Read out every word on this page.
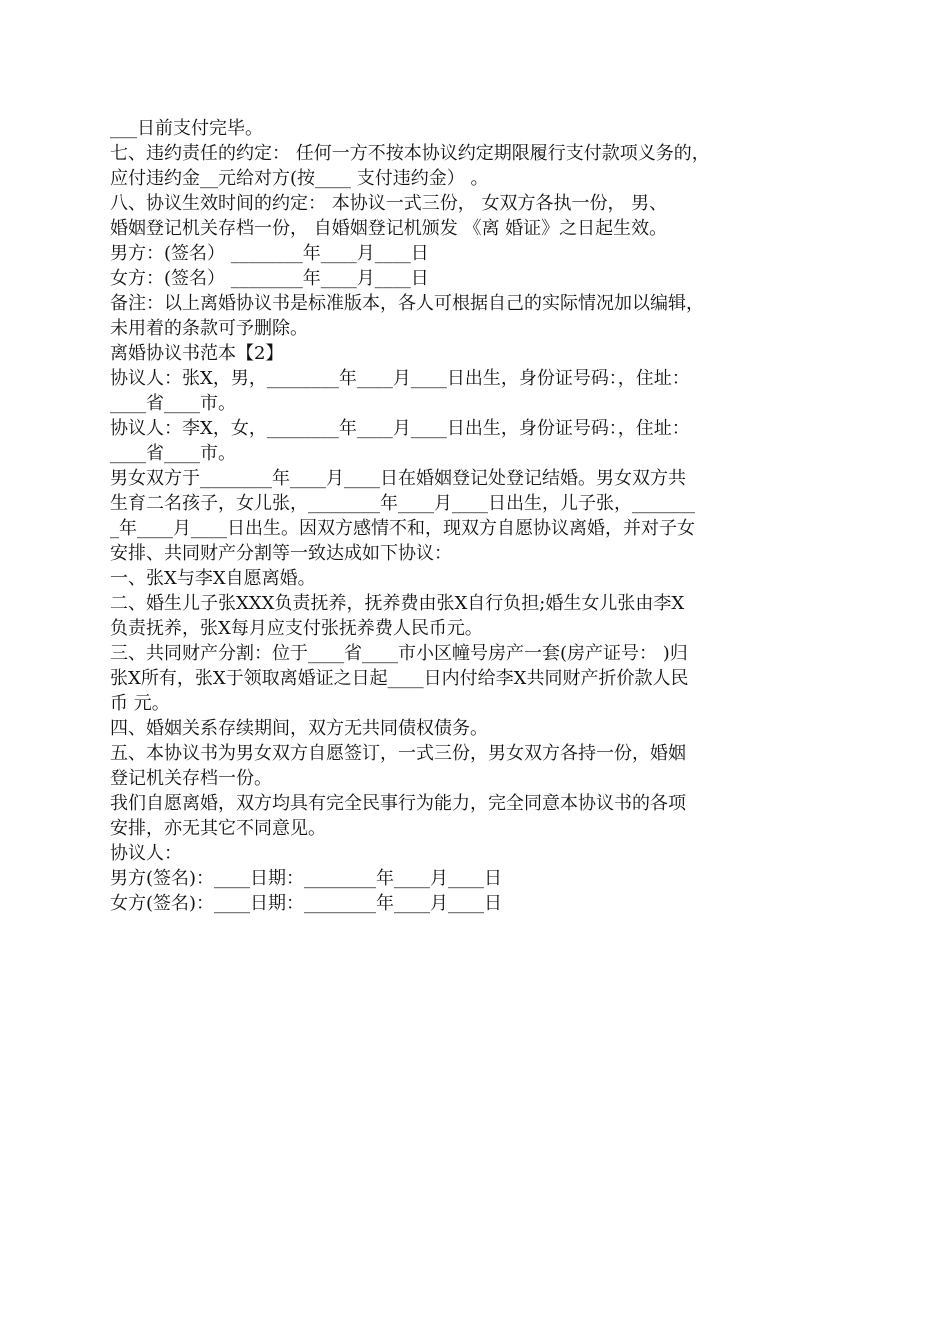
___日前支付完毕。
七、违约责任的约定： 任何一方不按本协议约定期限履行支付款项义务的，
应付违约金__元给对方(按____ 支付违约金） 。
八、协议生效时间的约定： 本协议一式三份， 女双方各执一份， 男、
婚姻登记机关存档一份， 自婚姻登记机颁发 《离 婚证》之日起生效。
男方：(签名） ________年____月____日
女方：(签名） ________年____月____日
备注：以上离婚协议书是标准版本，各人可根据自己的实际情况加以编辑，
未用着的条款可予删除。
离婚协议书范本【2】
协议人：张X，男，________年____月____日出生，身份证号码：，住址：
____省____市。
协议人：李X，女，________年____月____日出生，身份证号码：，住址：
____省____市。
男女双方于________年____月____日在婚姻登记处登记结婚。男女双方共
生育二名孩子，女儿张，________年____月____日出生，儿子张，_______
_年____月____日出生。因双方感情不和，现双方自愿协议离婚，并对子女
安排、共同财产分割等一致达成如下协议：
一、张X与李X自愿离婚。
二、婚生儿子张XXX负责抚养，抚养费由张X自行负担;婚生女儿张由李X
负责抚养，张X每月应支付张抚养费人民币元。
三、共同财产分割：位于____省____市小区幢号房产一套(房产证号： )归
张X所有，张X于领取离婚证之日起____日内付给李X共同财产折价款人民
币 元。
四、婚姻关系存续期间，双方无共同债权债务。
五、本协议书为男女双方自愿签订，一式三份，男女双方各持一份，婚姻
登记机关存档一份。
我们自愿离婚，双方均具有完全民事行为能力，完全同意本协议书的各项
安排，亦无其它不同意见。
协议人：
男方(签名)：____日期：________年____月____日
女方(签名)：____日期：________年____月____日
